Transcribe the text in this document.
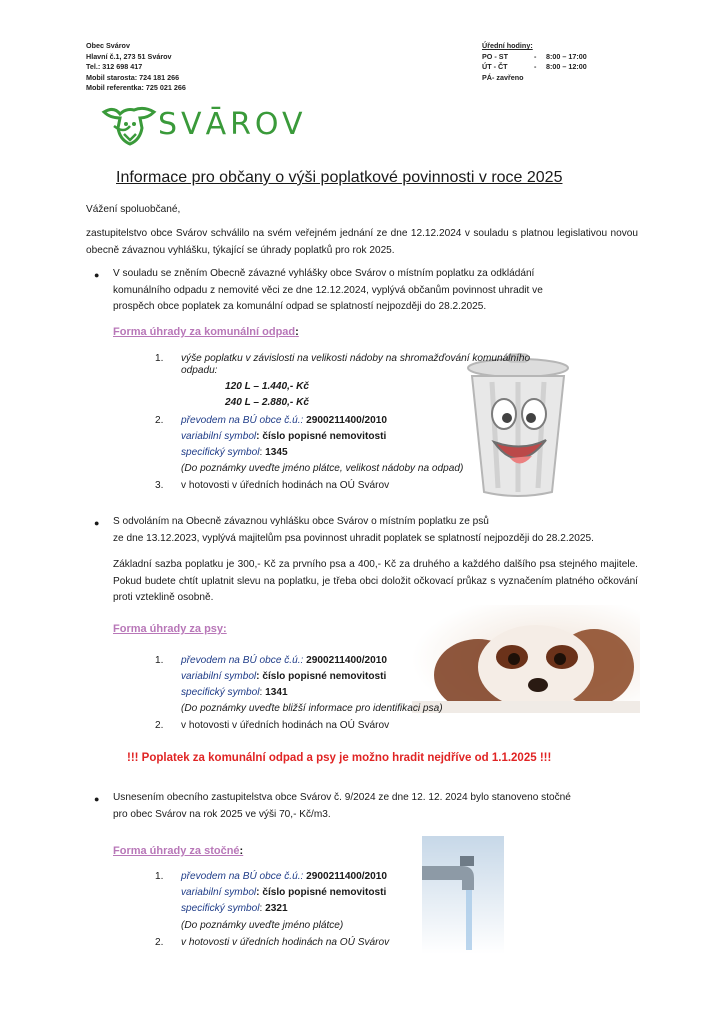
Obec Svárov
Hlavní č.1, 273 51 Svárov
Tel.: 312 698 417
Mobil starosta: 724 181 266
Mobil referentka: 725 021 266
Úřední hodiny:
PO - ST	- 8:00 – 17:00
ÚT - ČT	- 8:00 – 12:00
PÁ- zavřeno
SVĀROV
Informace pro občany o výši poplatkové povinnosti v roce 2025
Vážení spoluobčané,
zastupitelstvo obce Svárov schválilo na svém veřejném jednání ze dne 12.12.2024 v souladu s platnou legislativou novou obecně závaznou vyhlášku, týkající se úhrady poplatků pro rok 2025.
● V souladu se zněním Obecně závazné vyhlášky obce Svárov o místním poplatku za odkládání
komunálního odpadu z nemovité věci ze dne 12.12.2024, vyplývá občanům povinnost uhradit ve
prospěch obce poplatek za komunální odpad se splatností nejpozději do 28.2.2025.
Forma úhrady za komunální odpad:
1. výše poplatku v závislosti na velikosti nádoby na shromažďování komunálního
odpadu:
120 L – 1.440,- Kč
240 L – 2.880,- Kč
2. převodem na BÚ obce č.ú.: 2900211400/2010
variabilní symbol: číslo popisné nemovitosti
specifický symbol: 1345
(Do poznámky uveďte jméno plátce, velikost nádoby na odpad)
3. v hotovosti v úředních hodinách na OÚ Svárov
● S odvoláním na Obecně závaznou vyhlášku obce Svárov o místním poplatku ze psů
ze dne 13.12.2023, vyplývá majitelům psa povinnost uhradit poplatek se splatností nejpozději do 28.2.2025.
Základní sazba poplatku je 300,- Kč za prvního psa a 400,- Kč za druhého a každého dalšího psa stejného majitele. Pokud budete chtít uplatnit slevu na poplatku, je třeba obci doložit očkovací průkaz s vyznačením platného očkování proti vzteklině osobně.
Forma úhrady za psy:
1. převodem na BÚ obce č.ú.: 2900211400/2010
variabilní symbol: číslo popisné nemovitosti
specifický symbol: 1341
(Do poznámky uveďte bližší informace pro identifikaci psa)
2. v hotovosti v úředních hodinách na OÚ Svárov
!!! Poplatek za komunální odpad a psy je možno hradit nejdříve od 1.1.2025 !!!
● Usnesením obecního zastupitelstva obce Svárov č. 9/2024 ze dne 12. 12. 2024 bylo stanoveno stočné
pro obec Svárov na rok 2025 ve výši 70,- Kč/m3.
Forma úhrady za stočné:
1. převodem na BÚ obce č.ú.: 2900211400/2010
variabilní symbol: číslo popisné nemovitosti
specifický symbol: 2321
(Do poznámky uveďte jméno plátce)
2. v hotovosti v úředních hodinách na OÚ Svárov
